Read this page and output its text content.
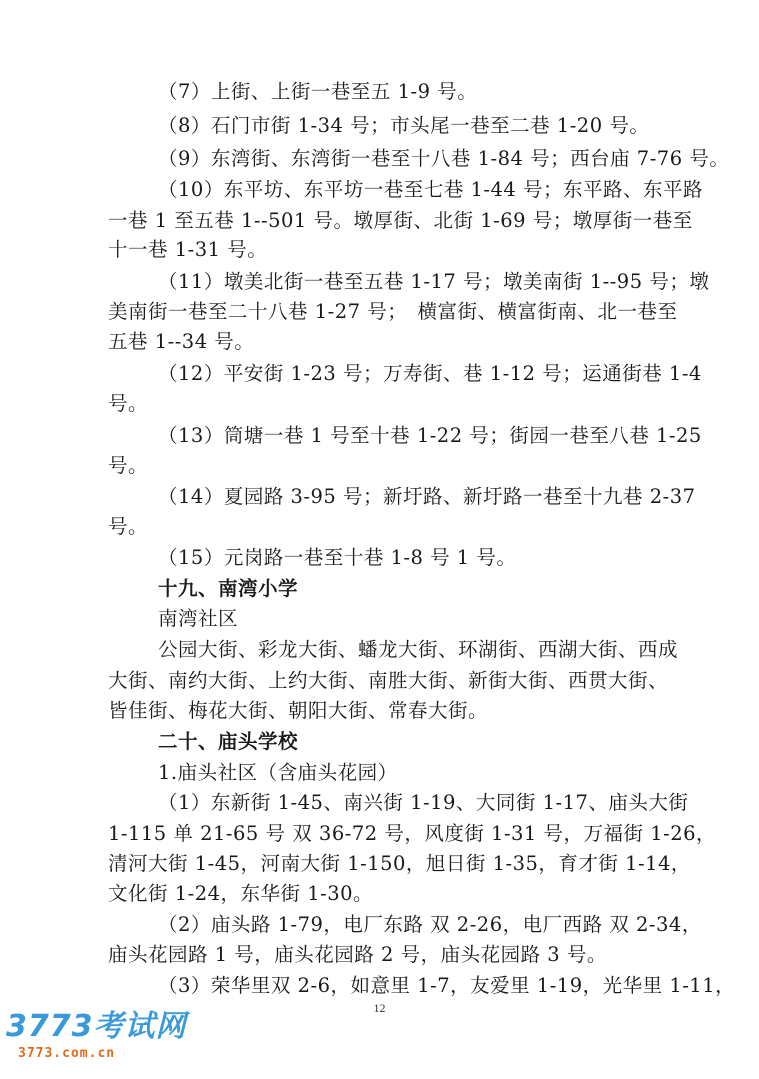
（7）上街、上街一巷至五 1-9 号。
（8）石门市街 1-34 号；市头尾一巷至二巷 1-20 号。
（9）东湾街、东湾街一巷至十八巷 1-84 号；西台庙 7-76 号。
（10）东平坊、东平坊一巷至七巷 1-44 号；东平路、东平路
一巷 1 至五巷 1--501 号。墩厚街、北街 1-69 号；墩厚街一巷至
十一巷 1-31 号。
（11）墩美北街一巷至五巷 1-17 号；墩美南街 1--95 号；墩
美南街一巷至二十八巷 1-27 号；　横富街、横富街南、北一巷至
五巷 1--34 号。
（12）平安街 1-23 号；万寿街、巷 1-12 号；运通街巷 1-4
号。
（13）筒塘一巷 1 号至十巷 1-22 号；街园一巷至八巷 1-25
号。
（14）夏园路 3-95 号；新圩路、新圩路一巷至十九巷 2-37
号。
（15）元岗路一巷至十巷 1-8 号 1 号。
十九、南湾小学
南湾社区
公园大街、彩龙大街、蟠龙大街、环湖街、西湖大街、西成
大街、南约大街、上约大街、南胜大街、新街大街、西贯大街、
皆佳街、梅花大街、朝阳大街、常春大街。
二十、庙头学校
1.庙头社区（含庙头花园）
（1）东新街 1-45、南兴街 1-19、大同街 1-17、庙头大街
1-115 单 21-65 号 双 36-72 号，风度街 1-31 号，万福街 1-26，
清河大街 1-45，河南大街 1-150，旭日街 1-35，育才街 1-14，
文化街 1-24，东华街 1-30。
（2）庙头路 1-79，电厂东路 双 2-26，电厂西路 双 2-34，
庙头花园路 1 号，庙头花园路 2 号，庙头花园路 3 号。
（3）荣华里双 2-6，如意里 1-7，友爱里 1-19，光华里 1-11，
12
3773考试网
3773.com.cn
